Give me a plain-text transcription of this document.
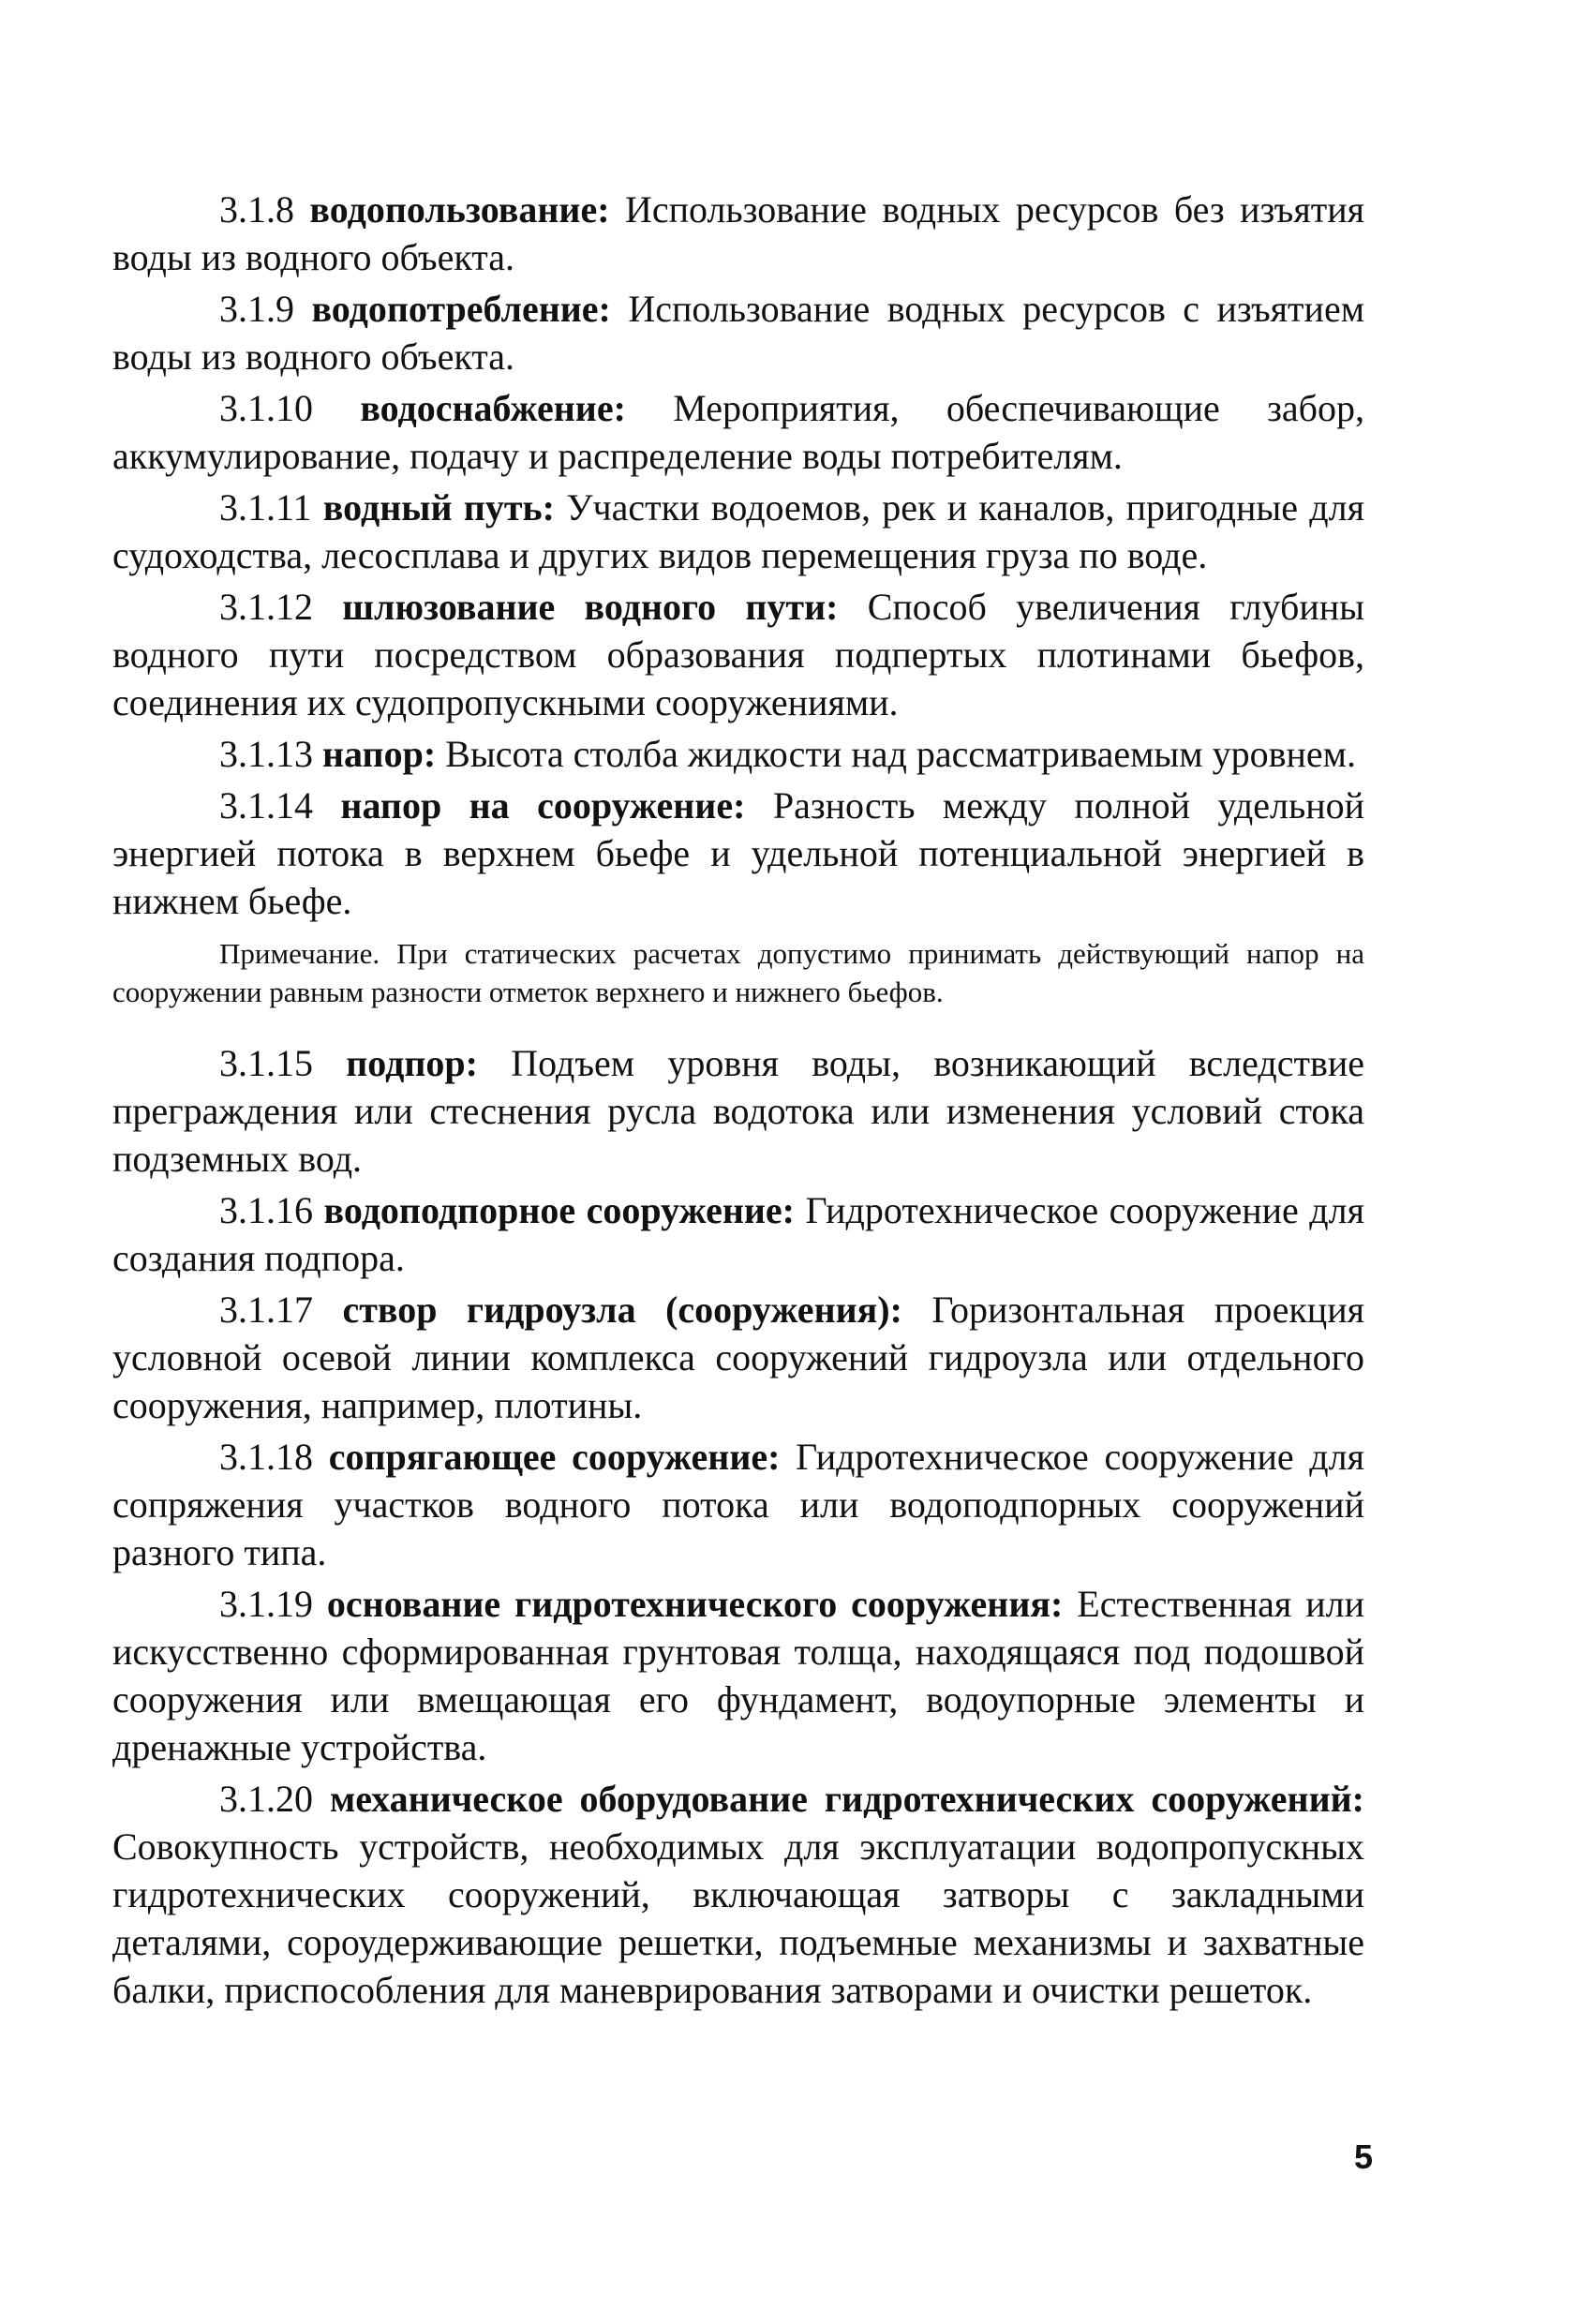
3.1.8 водопользование: Использование водных ресурсов без изъятия воды из водного объекта.

3.1.9 водопотребление: Использование водных ресурсов с изъятием воды из водного объекта.

3.1.10 водоснабжение: Мероприятия, обеспечивающие забор, аккумулирование, подачу и распределение воды потребителям.

3.1.11 водный путь: Участки водоемов, рек и каналов, пригодные для судоходства, лесосплава и других видов перемещения груза по воде.

3.1.12 шлюзование водного пути: Способ увеличения глубины водного пути посредством образования подпертых плотинами бьефов, соединения их судопропускными сооружениями.

3.1.13 напор: Высота столба жидкости над рассматриваемым уровнем.

3.1.14 напор на сооружение: Разность между полной удельной энергией потока в верхнем бьефе и удельной потенциальной энергией в нижнем бьефе.

Примечание. При статических расчетах допустимо принимать действующий напор на сооружении равным разности отметок верхнего и нижнего бьефов.

3.1.15 подпор: Подъем уровня воды, возникающий вследствие преграждения или стеснения русла водотока или изменения условий стока подземных вод.

3.1.16 водоподпорное сооружение: Гидротехническое сооружение для создания подпора.

3.1.17 створ гидроузла (сооружения): Горизонтальная проекция условной осевой линии комплекса сооружений гидроузла или отдельного сооружения, например, плотины.

3.1.18 сопрягающее сооружение: Гидротехническое сооружение для сопряжения участков водного потока или водоподпорных сооружений разного типа.

3.1.19 основание гидротехнического сооружения: Естественная или искусственно сформированная грунтовая толща, находящаяся под подошвой сооружения или вмещающая его фундамент, водоупорные элементы и дренажные устройства.

3.1.20 механическое оборудование гидротехнических сооружений: Совокупность устройств, необходимых для эксплуатации водопропускных гидротехнических сооружений, включающая затворы с закладными деталями, сороудерживающие решетки, подъемные механизмы и захватные балки, приспособления для маневрирования затворами и очистки решеток.

5
